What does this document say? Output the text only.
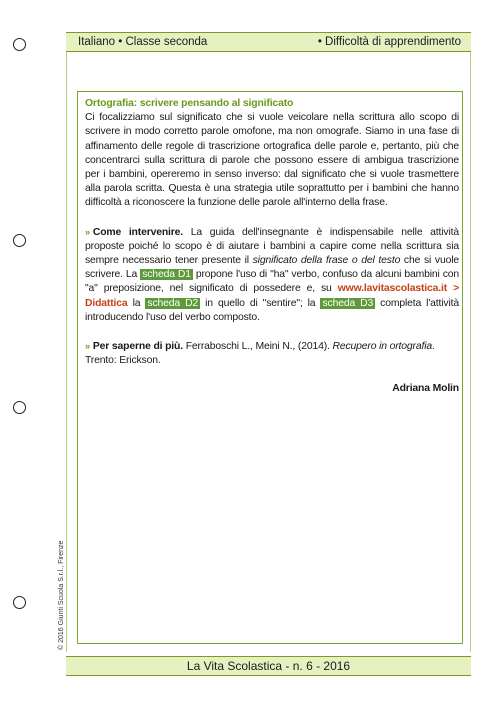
Italiano • Classe seconda	• Difficoltà di apprendimento

Ortografia: scrivere pensando al significato

Ci focalizziamo sul significato che si vuole veicolare nella scrittura allo scopo di scrivere in modo corretto parole omofone, ma non omografe. Siamo in una fase di affinamento delle regole di trascrizione ortografica delle parole e, pertanto, più che concentrarci sulla scrittura di parole che possono essere di ambigua trascrizione per i bambini, opereremo in senso inverso: dal significato che si vuole trasmettere alla parola scritta. Questa è una strategia utile soprattutto per i bambini che hanno difficoltà a riconoscere la funzione delle parole all'interno della frase.

» Come intervenire. La guida dell'insegnante è indispensabile nelle attività proposte poiché lo scopo è di aiutare i bambini a capire come nella scrittura sia sempre necessario tener presente il significato della frase o del testo che si vuole scrivere. La scheda D1 propone l'uso di "ha" verbo, confuso da alcuni bambini con "a" preposizione, nel significato di possedere e, su www.lavitascolastica.it > Didattica la scheda D2 in quello di "sentire"; la scheda D3 completa l'attività introducendo l'uso del verbo composto.

» Per saperne di più. Ferraboschi L., Meini N., (2014). Recupero in ortografia. Trento: Erickson.

Adriana Molin
© 2016 Giunti Scuola S.r.l., Firenze
La Vita Scolastica - n. 6 - 2016
